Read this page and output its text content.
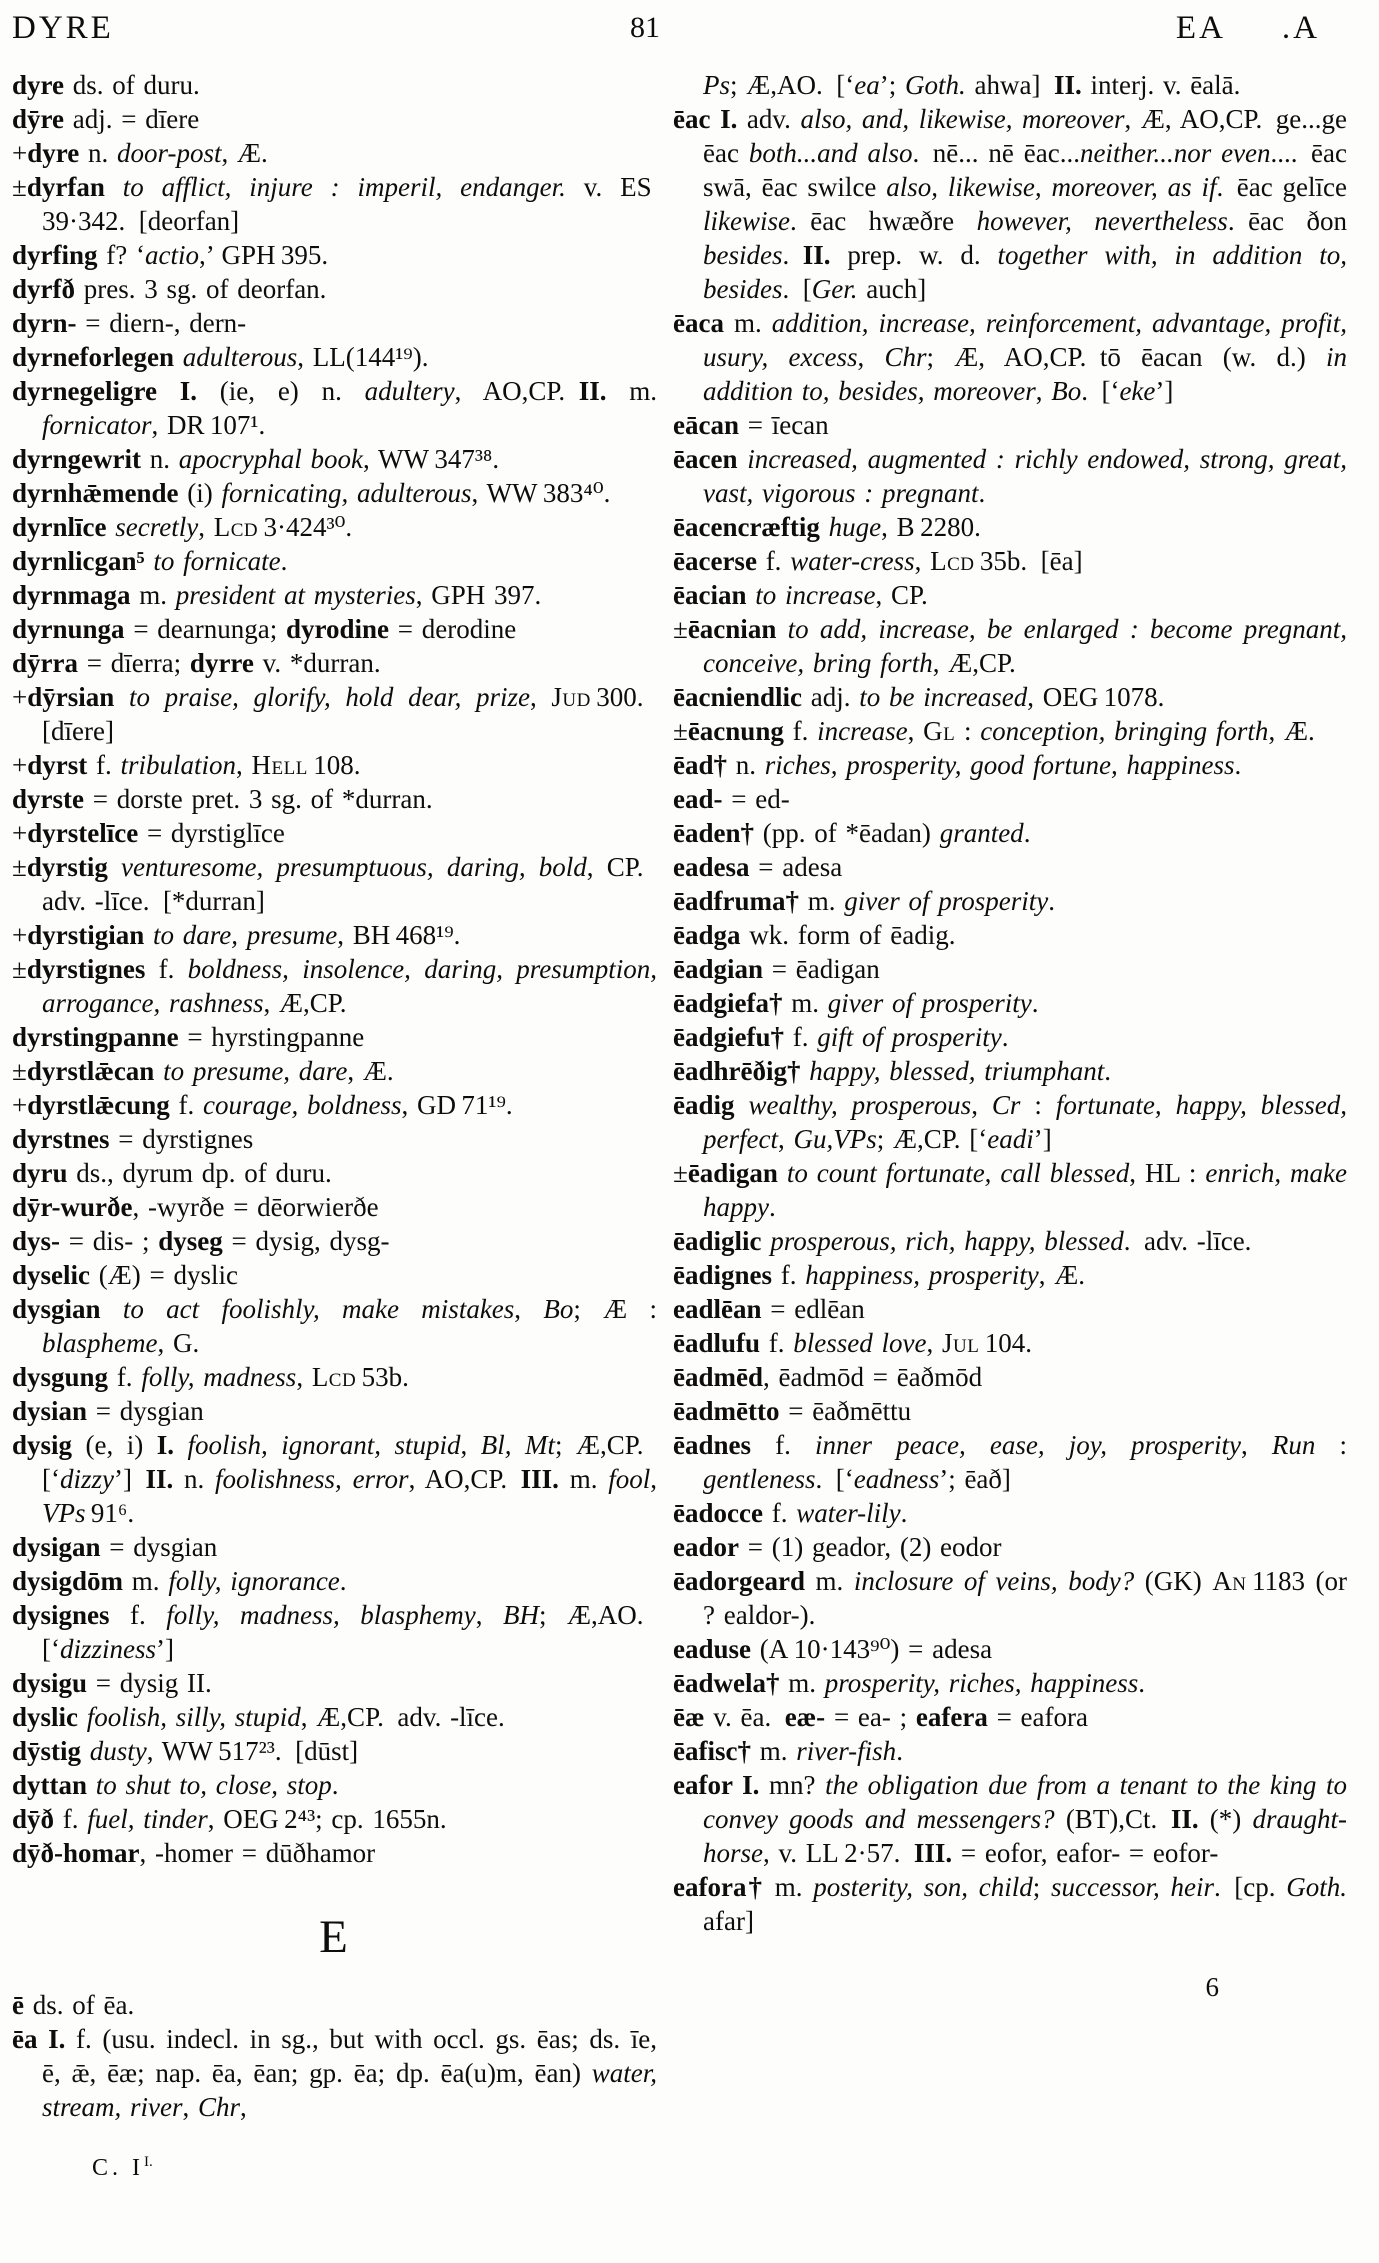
DYRE	81	EA .A

dyre ds. of duru.

dȳre adj. = dīere

+dyre n. door-post, Æ.

±dyrfan to afflict, injure : imperil, endanger. v. ES 39·342. [deorfan]

dyrfing f? ‘actio,’ GPH 395.

dyrfð pres. 3 sg. of deorfan.

dyrn- = diern-, dern-

dyrneforlegen adulterous, LL(144¹⁹).

dyrnegeligre I. (ie, e) n. adultery, AO,CP. II. m. fornicator, DR 107¹.

dyrngewrit n. apocryphal book, WW 347³⁸.

dyrnhǣmende (i) fornicating, adulterous, WW 383⁴⁰.

dyrnlīce secretly, Lcd 3·424³⁰.

dyrnlicgan⁵ to fornicate.

dyrnmaga m. president at mysteries, GPH 397.

dyrnunga = dearnunga; dyrodine = derodine

dȳrra = dīerra; dyrre v. *durran.

+dȳrsian to praise, glorify, hold dear, prize, Jud 300. [dīere]

+dyrst f. tribulation, Hell 108.

dyrste = dorste pret. 3 sg. of *durran.

+dyrstelīce = dyrstiglīce

±dyrstig venturesome, presumptuous, daring, bold, CP. adv. -līce. [*durran]

+dyrstigian to dare, presume, BH 468¹⁹.

±dyrstignes f. boldness, insolence, daring, presumption, arrogance, rashness, Æ,CP.

dyrstingpanne = hyrstingpanne

±dyrstlǣcan to presume, dare, Æ.

+dyrstlǣcung f. courage, boldness, GD 71¹⁹.

dyrstnes = dyrstignes

dyru ds., dyrum dp. of duru.

dȳr-wurðe, -wyrðe = dēorwierðe

dys- = dis- ; dyseg = dysig, dysg-

dyselic (Æ) = dyslic

dysgian to act foolishly, make mistakes, Bo; Æ : blaspheme, G.

dysgung f. folly, madness, Lcd 53b.

dysian = dysgian

dysig (e, i) I. foolish, ignorant, stupid, Bl, Mt; Æ,CP. [‘dizzy’] II. n. foolishness, error, AO,CP. III. m. fool, VPs 91⁶.

dysigan = dysgian

dysigdōm m. folly, ignorance.

dysignes f. folly, madness, blasphemy, BH; Æ,AO. [‘dizziness’]

dysigu = dysig II.

dyslic foolish, silly, stupid, Æ,CP. adv. -līce.

dȳstig dusty, WW 517²³. [dūst]

dyttan to shut to, close, stop.

dȳð f. fuel, tinder, OEG 2⁴³; cp. 1655n.

dȳð-homar, -homer = dūðhamor

E

ē ds. of ēa.

ēa I. f. (usu. indecl. in sg., but with occl. gs. ēas; ds. īe, ē, ǣ, ēæ; nap. ēa, ēan; gp. ēa; dp. ēa(u)m, ēan) water, stream, river, Chr,

C. $I^{I.}$

Ps; Æ,AO. [‘ea’; Goth. ahwa] II. interj. v. ēalā.

ēac I. adv. also, and, likewise, moreover, Æ, AO,CP. ge...ge ēac both...and also. nē... nē ēac...neither...nor even.... ēac swā, ēac swilce also, likewise, moreover, as if. ēac gelīce likewise. ēac hwæðre however, nevertheless. ēac ðon besides. II. prep. w. d. together with, in addition to, besides. [Ger. auch]

ēaca m. addition, increase, reinforcement, advantage, profit, usury, excess, Chr; Æ, AO,CP. tō ēacan (w. d.) in addition to, besides, moreover, Bo. [‘eke’]

eācan = īecan

ēacen increased, augmented : richly endowed, strong, great, vast, vigorous : pregnant.

ēacencræftig huge, B 2280.

ēacerse f. water-cress, Lcd 35b. [ēa]

ēacian to increase, CP.

±ēacnian to add, increase, be enlarged : become pregnant, conceive, bring forth, Æ,CP.

ēacniendlic adj. to be increased, OEG 1078.

±ēacnung f. increase, Gl : conception, bringing forth, Æ.

ēad† n. riches, prosperity, good fortune, happiness.

ead- = ed-

ēaden† (pp. of *ēadan) granted.

eadesa = adesa

ēadfruma† m. giver of prosperity.

ēadga wk. form of ēadig.

ēadgian = ēadigan

ēadgiefa† m. giver of prosperity.

ēadgiefu† f. gift of prosperity.

ēadhrēðig† happy, blessed, triumphant.

ēadig wealthy, prosperous, Cr : fortunate, happy, blessed, perfect, Gu,VPs; Æ,CP. [‘eadi’]

±ēadigan to count fortunate, call blessed, HL : enrich, make happy.

ēadiglic prosperous, rich, happy, blessed. adv. -līce.

ēadignes f. happiness, prosperity, Æ.

eadlēan = edlēan

ēadlufu f. blessed love, Jul 104.

ēadmēd, ēadmōd = ēaðmōd

ēadmētto = ēaðmēttu

ēadnes f. inner peace, ease, joy, prosperity, Run : gentleness. [‘eadness’; ēað]

ēadocce f. water-lily.

eador = (1) geador, (2) eodor

ēadorgeard m. inclosure of veins, body? (GK) An 1183 (or ? ealdor-).

eaduse (A 10·143⁹⁰) = adesa

ēadwela† m. prosperity, riches, happiness.

ēæ v. ēa. eæ- = ea- ; eafera = eafora

ēafisc† m. river-fish.

eafor I. mn? the obligation due from a tenant to the king to convey goods and messengers? (BT),Ct. II. (*) draught-horse, v. LL 2·57. III. = eofor, eafor- = eofor-

eafora† m. posterity, son, child; successor, heir. [cp. Goth. afar]

6
